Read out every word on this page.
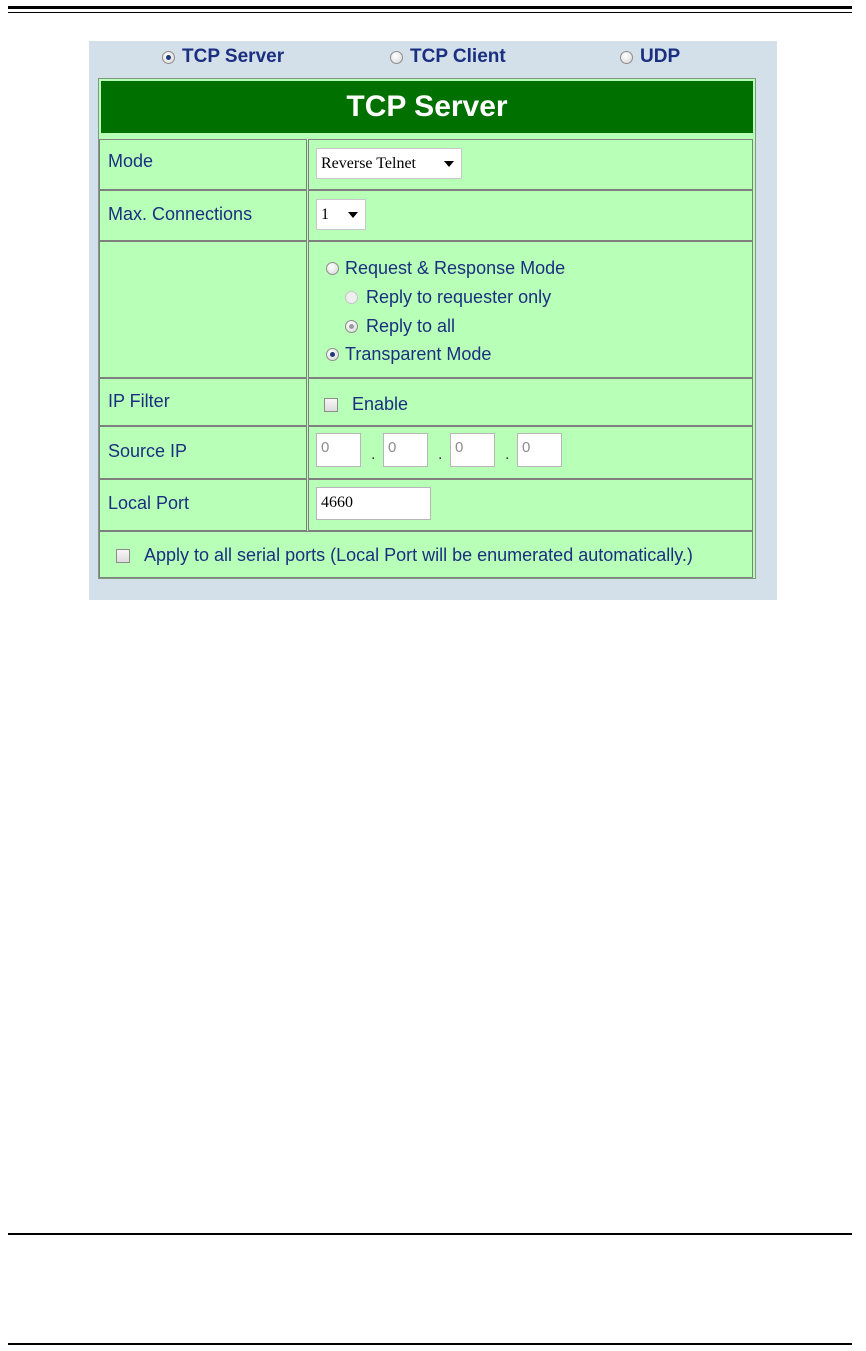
TCP Server	TCP Client	UDP
TCP Server
Mode	Reverse Telnet
Max. Connections	1
Request & Response Mode
Reply to requester only
Reply to all
Transparent Mode
IP Filter	Enable
Source IP	0	. 0	. 0	. 0
Local Port	4660
Apply to all serial ports (Local Port will be enumerated automatically.)
